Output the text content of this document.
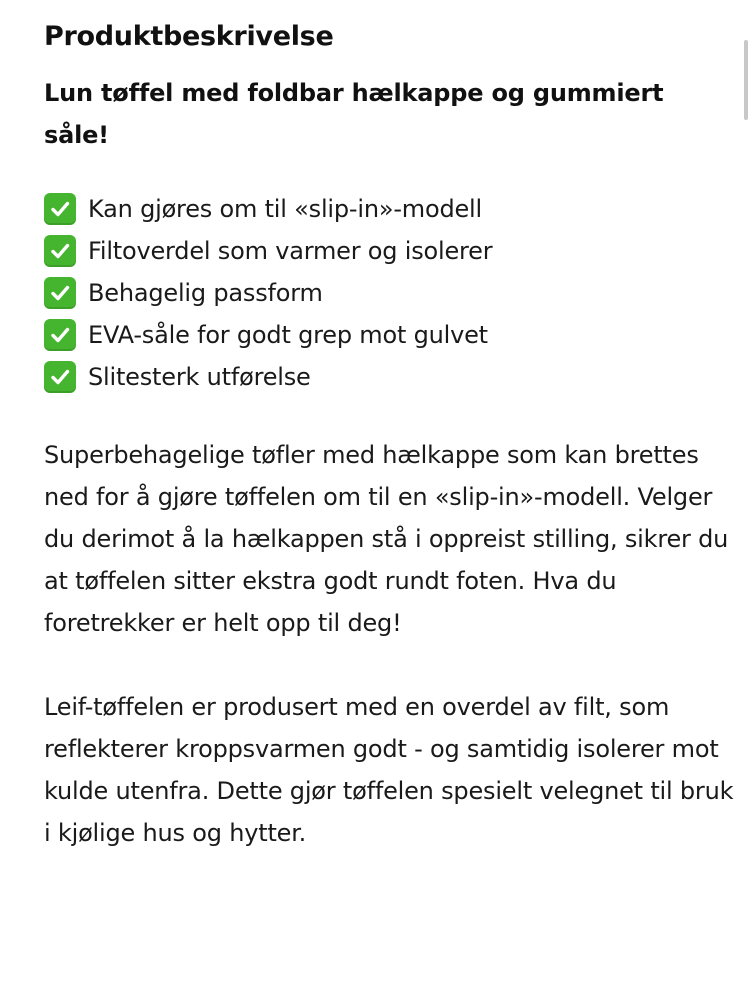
Produktbeskrivelse

Lun tøffel med foldbar hælkappe og gummiert såle!

Kan gjøres om til «slip-in»-modell
Filtoverdel som varmer og isolerer
Behagelig passform
EVA-såle for godt grep mot gulvet
Slitesterk utførelse

Superbehagelige tøfler med hælkappe som kan brettes ned for å gjøre tøffelen om til en «slip-in»-modell. Velger du derimot å la hælkappen stå i oppreist stilling, sikrer du at tøffelen sitter ekstra godt rundt foten. Hva du foretrekker er helt opp til deg!

Leif-tøffelen er produsert med en overdel av filt, som reflekterer kroppsvarmen godt - og samtidig isolerer mot kulde utenfra. Dette gjør tøffelen spesielt velegnet til bruk i kjølige hus og hytter.
